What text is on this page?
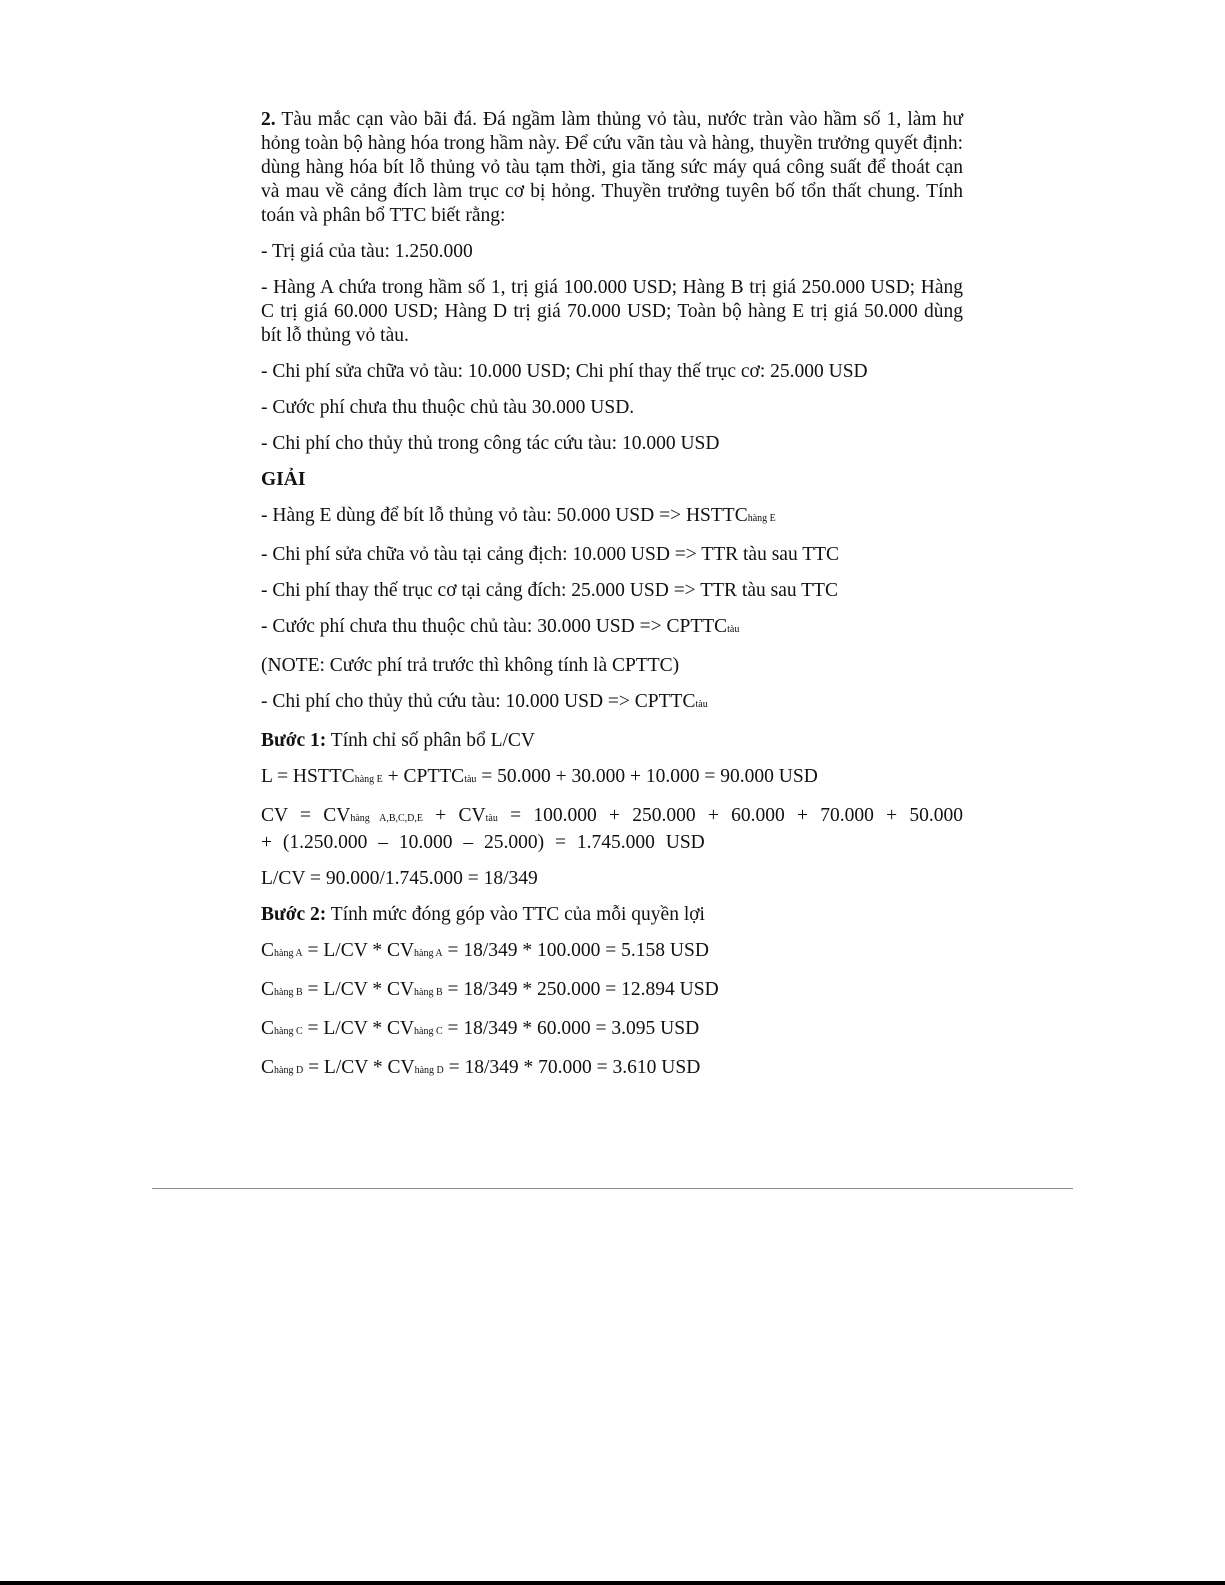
2. Tàu mắc cạn vào bãi đá. Đá ngầm làm thủng vỏ tàu, nước tràn vào hầm số 1, làm hư hỏng toàn bộ hàng hóa trong hầm này. Để cứu vãn tàu và hàng, thuyền trưởng quyết định: dùng hàng hóa bít lỗ thủng vỏ tàu tạm thời, gia tăng sức máy quá công suất để thoát cạn và mau về cảng đích làm trục cơ bị hỏng. Thuyền trưởng tuyên bố tổn thất chung. Tính toán và phân bổ TTC biết rằng:

- Trị giá của tàu: 1.250.000

- Hàng A chứa trong hầm số 1, trị giá 100.000 USD; Hàng B trị giá 250.000 USD; Hàng C trị giá 60.000 USD; Hàng D trị giá 70.000 USD; Toàn bộ hàng E trị giá 50.000 dùng bít lỗ thủng vỏ tàu.

- Chi phí sửa chữa vỏ tàu: 10.000 USD; Chi phí thay thế trục cơ: 25.000 USD

- Cước phí chưa thu thuộc chủ tàu 30.000 USD.

- Chi phí cho thủy thủ trong công tác cứu tàu: 10.000 USD

GIẢI

- Hàng E dùng để bít lỗ thủng vỏ tàu: 50.000 USD => HSTTChàng E

- Chi phí sửa chữa vỏ tàu tại cảng địch: 10.000 USD => TTR tàu sau TTC

- Chi phí thay thế trục cơ tại cảng đích: 25.000 USD => TTR tàu sau TTC

- Cước phí chưa thu thuộc chủ tàu: 30.000 USD => CPTTCtàu

(NOTE: Cước phí trả trước thì không tính là CPTTC)

- Chi phí cho thủy thủ cứu tàu: 10.000 USD => CPTTCtàu

Bước 1: Tính chỉ số phân bổ L/CV

L = HSTTChàng E + CPTTCtàu = 50.000 + 30.000 + 10.000 = 90.000 USD

CV = CVhàng A,B,C,D,E + CVtàu = 100.000 + 250.000 + 60.000 + 70.000 + 50.000 + (1.250.000 – 10.000 – 25.000) = 1.745.000 USD

L/CV = 90.000/1.745.000 = 18/349

Bước 2: Tính mức đóng góp vào TTC của mỗi quyền lợi

Chàng A = L/CV * CVhàng A = 18/349 * 100.000 = 5.158 USD

Chàng B = L/CV * CVhàng B = 18/349 * 250.000 = 12.894 USD

Chàng C = L/CV * CVhàng C = 18/349 * 60.000 = 3.095 USD

Chàng D = L/CV * CVhàng D = 18/349 * 70.000 = 3.610 USD
